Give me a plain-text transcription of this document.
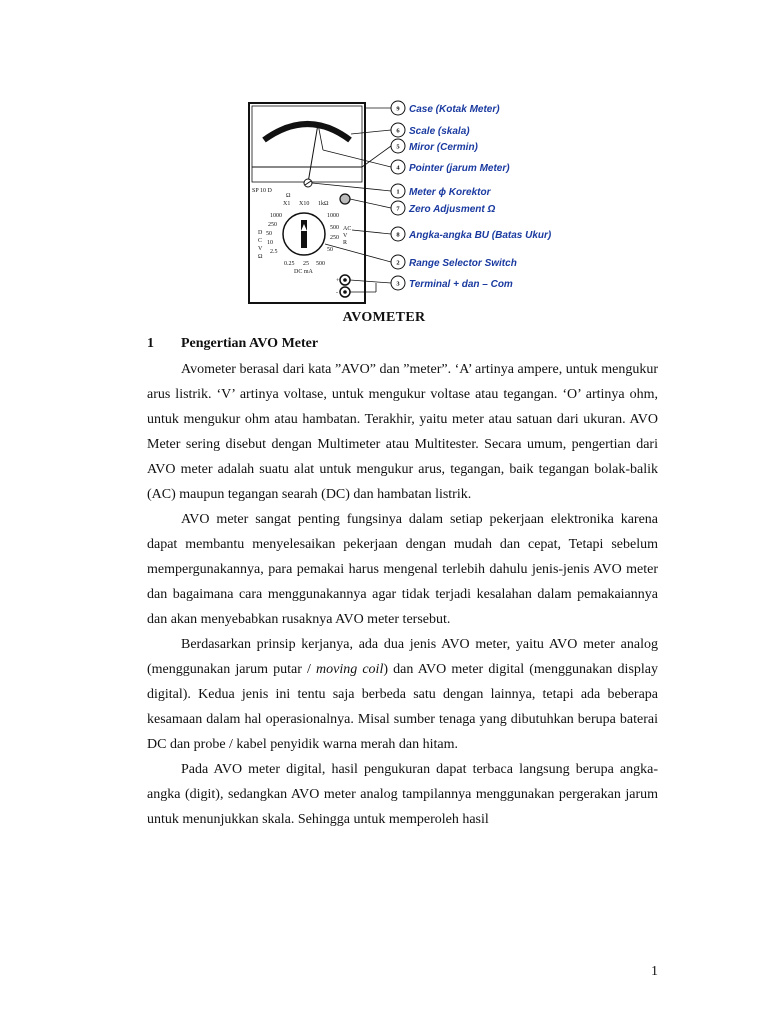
SP 10 D
Ω
X1 X10 1kΩ
1000
250
50
10
2.5
D
C
V
Ω
1000
500
250
50
AC
V
R
0.25 25 500
DC mA
+
-
9 Case (Kotak Meter)
6 Scale (skala)
5 Miror (Cermin)
4 Pointer (jarum Meter)
1 Meter ϕ Korektor
7 Zero Adjusment Ω
8 Angka-angka BU (Batas Ukur)
2 Range Selector Switch
3 Terminal + dan – Com
AVOMETER
1 Pengertian AVO Meter

Avometer berasal dari kata ”AVO” dan ”meter”. ‘A’ artinya ampere, untuk mengukur arus listrik. ‘V’ artinya voltase, untuk mengukur voltase atau tegangan. ‘O’ artinya ohm, untuk mengukur ohm atau hambatan. Terakhir, yaitu meter atau satuan dari ukuran. AVO Meter sering disebut dengan Multimeter atau Multitester. Secara umum, pengertian dari AVO meter adalah suatu alat untuk mengukur arus, tegangan, baik tegangan bolak-balik (AC) maupun tegangan searah (DC) dan hambatan listrik.

AVO meter sangat penting fungsinya dalam setiap pekerjaan elektronika karena dapat membantu menyelesaikan pekerjaan dengan mudah dan cepat, Tetapi sebelum mempergunakannya, para pemakai harus mengenal terlebih dahulu jenis-jenis AVO meter dan bagaimana cara menggunakannya agar tidak terjadi kesalahan dalam pemakaiannya dan akan menyebabkan rusaknya AVO meter tersebut.

Berdasarkan prinsip kerjanya, ada dua jenis AVO meter, yaitu AVO meter analog (menggunakan jarum putar / moving coil) dan AVO meter digital (menggunakan display digital). Kedua jenis ini tentu saja berbeda satu dengan lainnya, tetapi ada beberapa kesamaan dalam hal operasionalnya. Misal sumber tenaga yang dibutuhkan berupa baterai DC dan probe / kabel penyidik warna merah dan hitam.

Pada AVO meter digital, hasil pengukuran dapat terbaca langsung berupa angka-angka (digit), sedangkan AVO meter analog tampilannya menggunakan pergerakan jarum untuk menunjukkan skala. Sehingga untuk memperoleh hasil

1
